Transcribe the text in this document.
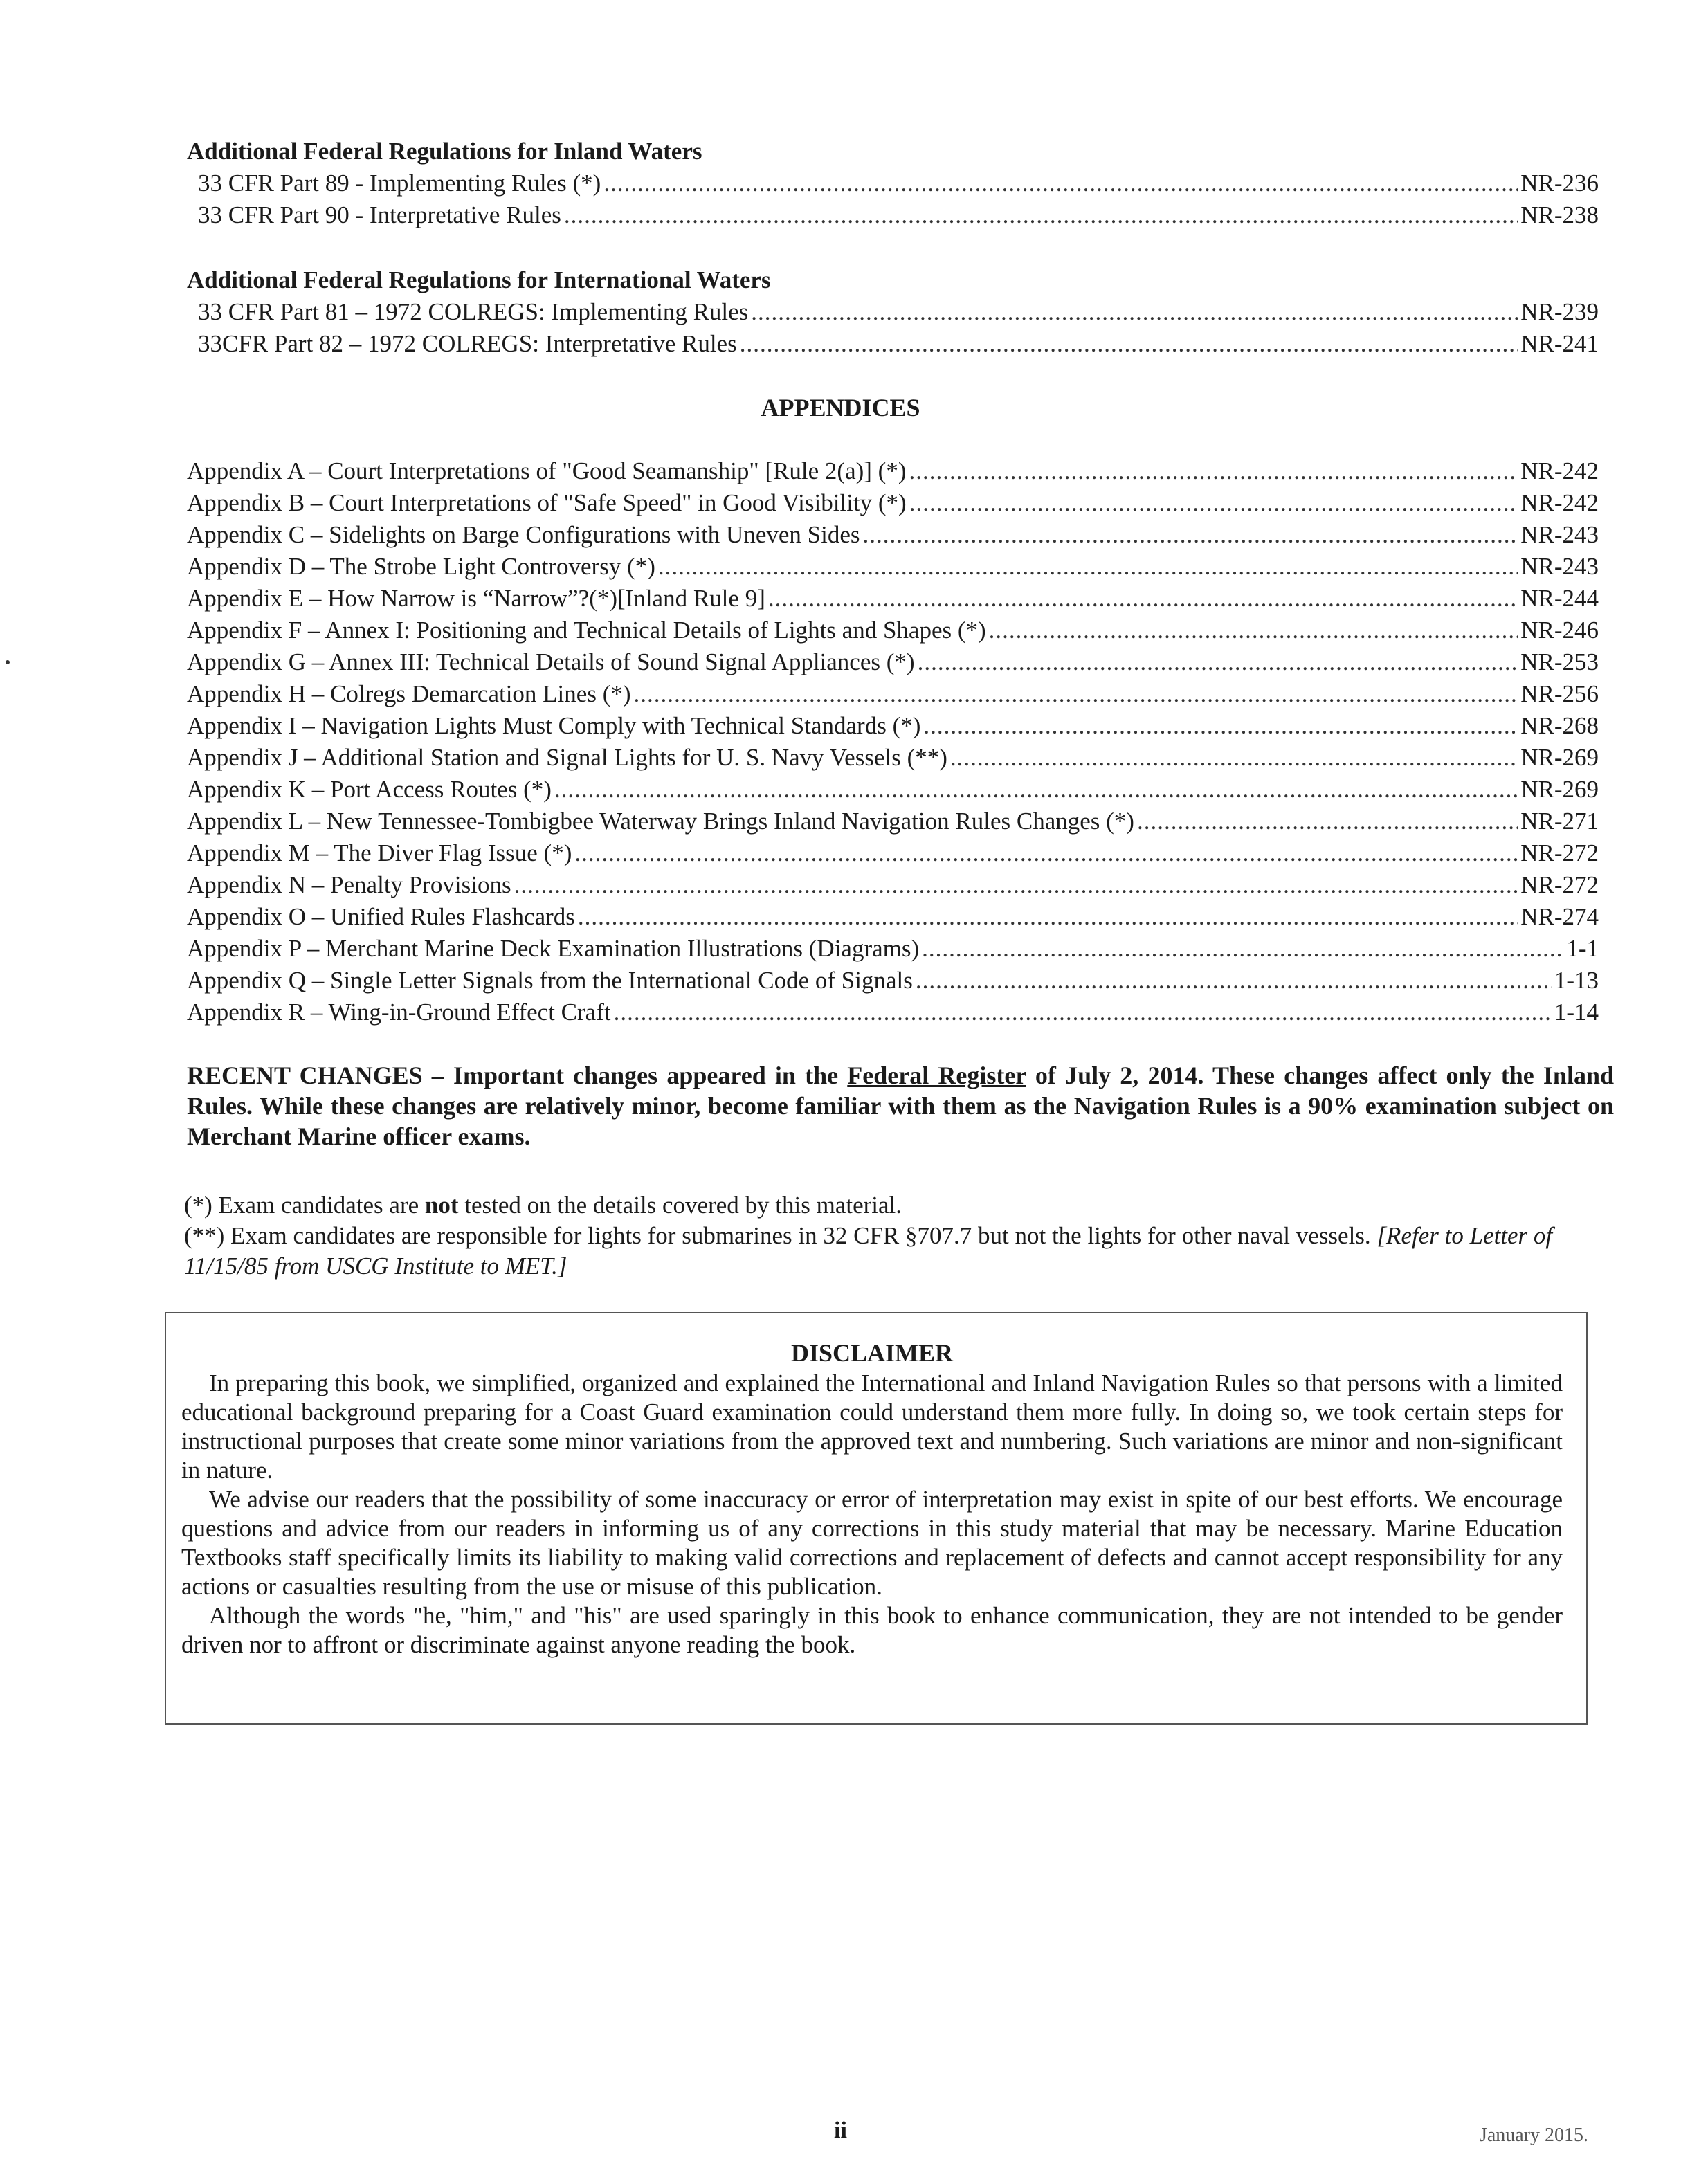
Additional Federal Regulations for Inland Waters
33 CFR Part 89 - Implementing Rules (*) .....	NR-236
33 CFR Part 90 - Interpretative Rules .....	NR-238
Additional Federal Regulations for International Waters
33 CFR Part 81 – 1972 COLREGS: Implementing Rules .....	NR-239
33CFR Part 82 – 1972 COLREGS: Interpretative Rules .....	NR-241
APPENDICES
Appendix A – Court Interpretations of "Good Seamanship" [Rule 2(a)] (*) .....	NR-242
Appendix B – Court Interpretations of "Safe Speed" in Good Visibility (*) .....	NR-242
Appendix C – Sidelights on Barge Configurations with Uneven Sides .....	NR-243
Appendix D – The Strobe Light Controversy (*) .....	NR-243
Appendix E – How Narrow is “Narrow”?(*)[Inland Rule 9] .....	NR-244
Appendix F – Annex I: Positioning and Technical Details of Lights and Shapes (*) .....	NR-246
Appendix G – Annex III: Technical Details of Sound Signal Appliances (*) .....	NR-253
Appendix H – Colregs Demarcation Lines (*) .....	NR-256
Appendix I – Navigation Lights Must Comply with Technical Standards (*) .....	NR-268
Appendix J – Additional Station and Signal Lights for U. S. Navy Vessels (**) .....	NR-269
Appendix K – Port Access Routes (*) .....	NR-269
Appendix L – New Tennessee-Tombigbee Waterway Brings Inland Navigation Rules Changes (*) .....	NR-271
Appendix M – The Diver Flag Issue (*) .....	NR-272
Appendix N – Penalty Provisions .....	NR-272
Appendix O – Unified Rules Flashcards .....	NR-274
Appendix P – Merchant Marine Deck Examination Illustrations (Diagrams) .....	1-1
Appendix Q – Single Letter Signals from the International Code of Signals .....	1-13
Appendix R – Wing-in-Ground Effect Craft .....	1-14
RECENT CHANGES – Important changes appeared in the Federal Register of July 2, 2014. These changes affect only the Inland Rules. While these changes are relatively minor, become familiar with them as the Navigation Rules is a 90% examination subject on Merchant Marine officer exams.
(*) Exam candidates are not tested on the details covered by this material.
(**) Exam candidates are responsible for lights for submarines in 32 CFR §707.7 but not the lights for other naval vessels. [Refer to Letter of 11/15/85 from USCG Institute to MET.]
DISCLAIMER

In preparing this book, we simplified, organized and explained the International and Inland Navigation Rules so that persons with a limited educational background preparing for a Coast Guard examination could understand them more fully. In doing so, we took certain steps for instructional purposes that create some minor variations from the approved text and numbering. Such variations are minor and non-significant in nature.

We advise our readers that the possibility of some inaccuracy or error of interpretation may exist in spite of our best efforts. We encourage questions and advice from our readers in informing us of any corrections in this study material that may be necessary. Marine Education Textbooks staff specifically limits its liability to making valid corrections and replacement of defects and cannot accept responsibility for any actions or casualties resulting from the use or misuse of this publication.

Although the words "he, "him," and "his" are used sparingly in this book to enhance communication, they are not intended to be gender driven nor to affront or discriminate against anyone reading the book.

ii	January 2015.
